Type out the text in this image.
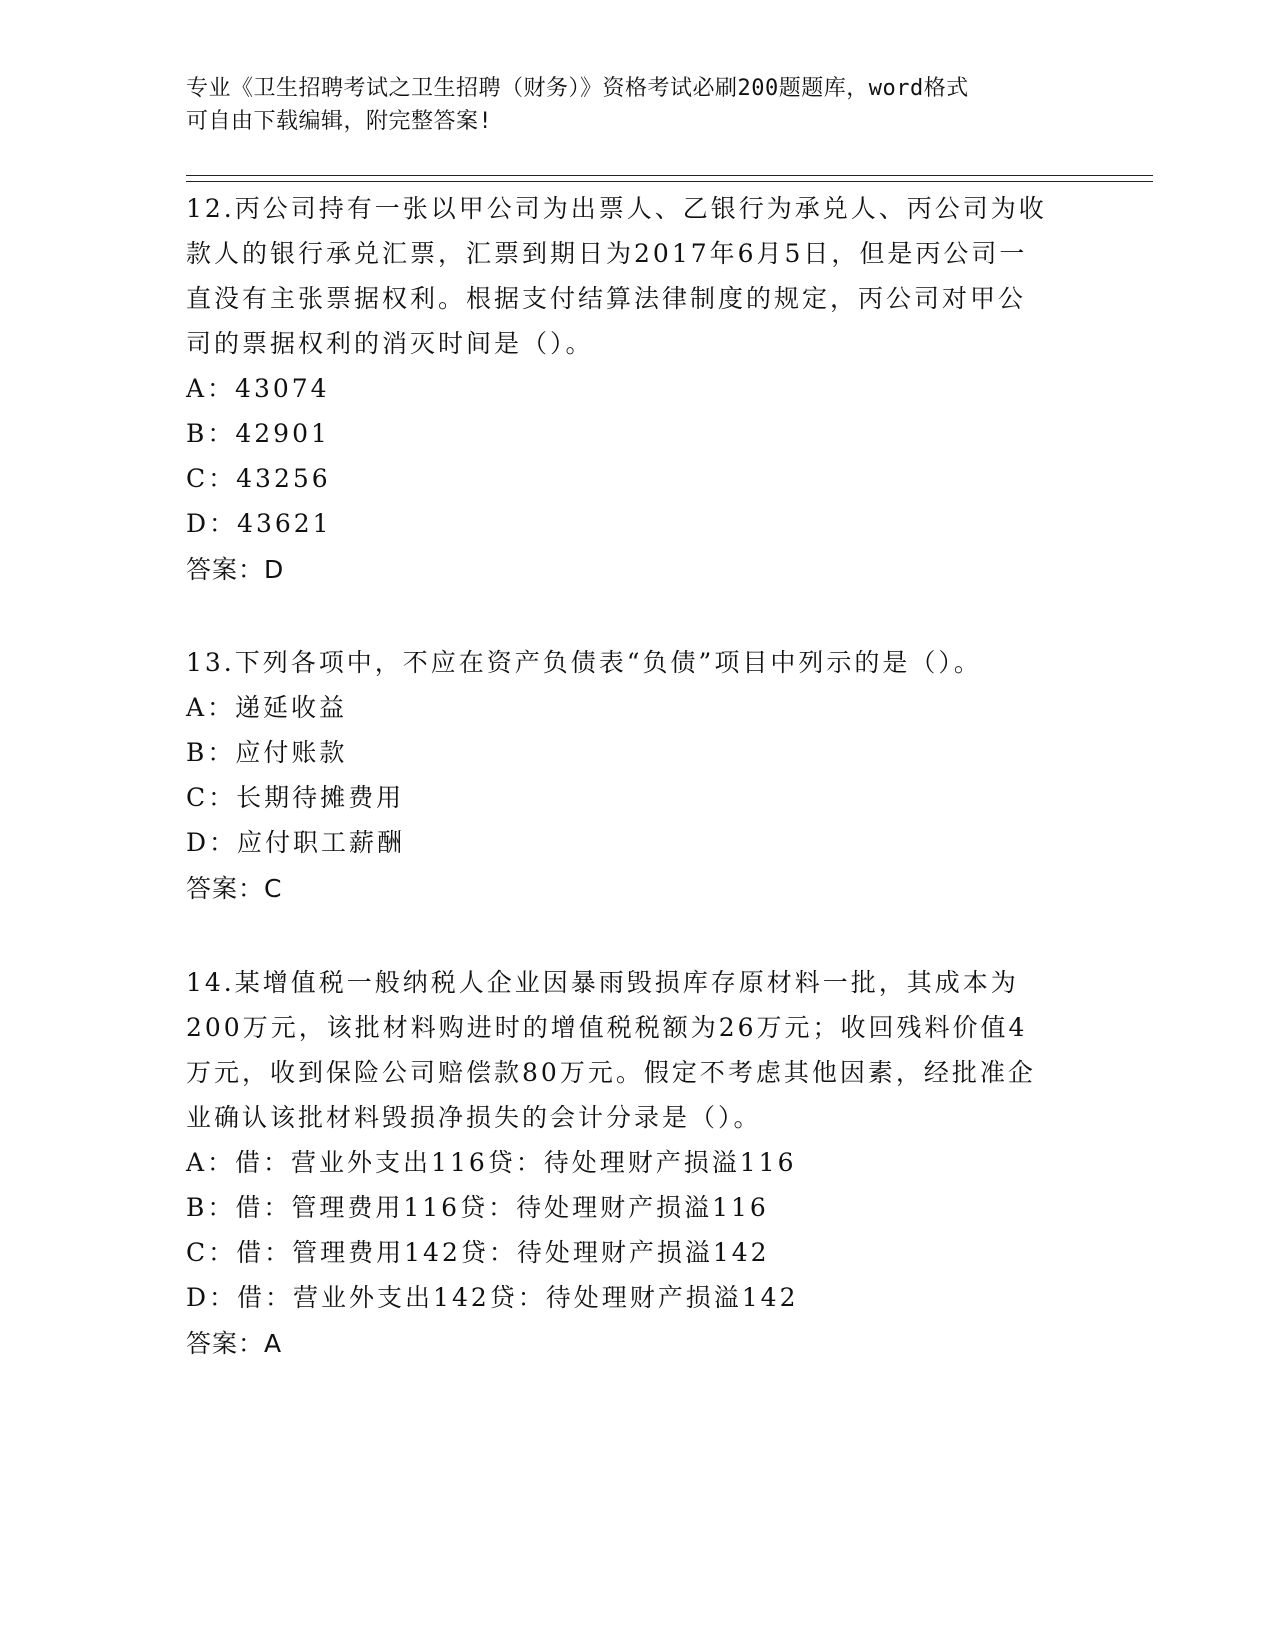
专业《卫生招聘考试之卫生招聘（财务）》资格考试必刷200题题库，word格式
可自由下载编辑，附完整答案!
12.丙公司持有一张以甲公司为出票人、乙银行为承兑人、丙公司为收
款人的银行承兑汇票，汇票到期日为2017年6月5日，但是丙公司一
直没有主张票据权利。根据支付结算法律制度的规定，丙公司对甲公
司的票据权利的消灭时间是（）。
A：43074
B：42901
C：43256
D：43621
答案：D
13.下列各项中，不应在资产负债表“负债”项目中列示的是（）。
A：递延收益
B：应付账款
C：长期待摊费用
D：应付职工薪酬
答案：C
14.某增值税一般纳税人企业因暴雨毁损库存原材料一批，其成本为
200万元，该批材料购进时的增值税税额为26万元；收回残料价值4
万元，收到保险公司赔偿款80万元。假定不考虑其他因素，经批准企
业确认该批材料毁损净损失的会计分录是（）。
A：借：营业外支出116贷：待处理财产损溢116
B：借：管理费用116贷：待处理财产损溢116
C：借：管理费用142贷：待处理财产损溢142
D：借：营业外支出142贷：待处理财产损溢142
答案：A
